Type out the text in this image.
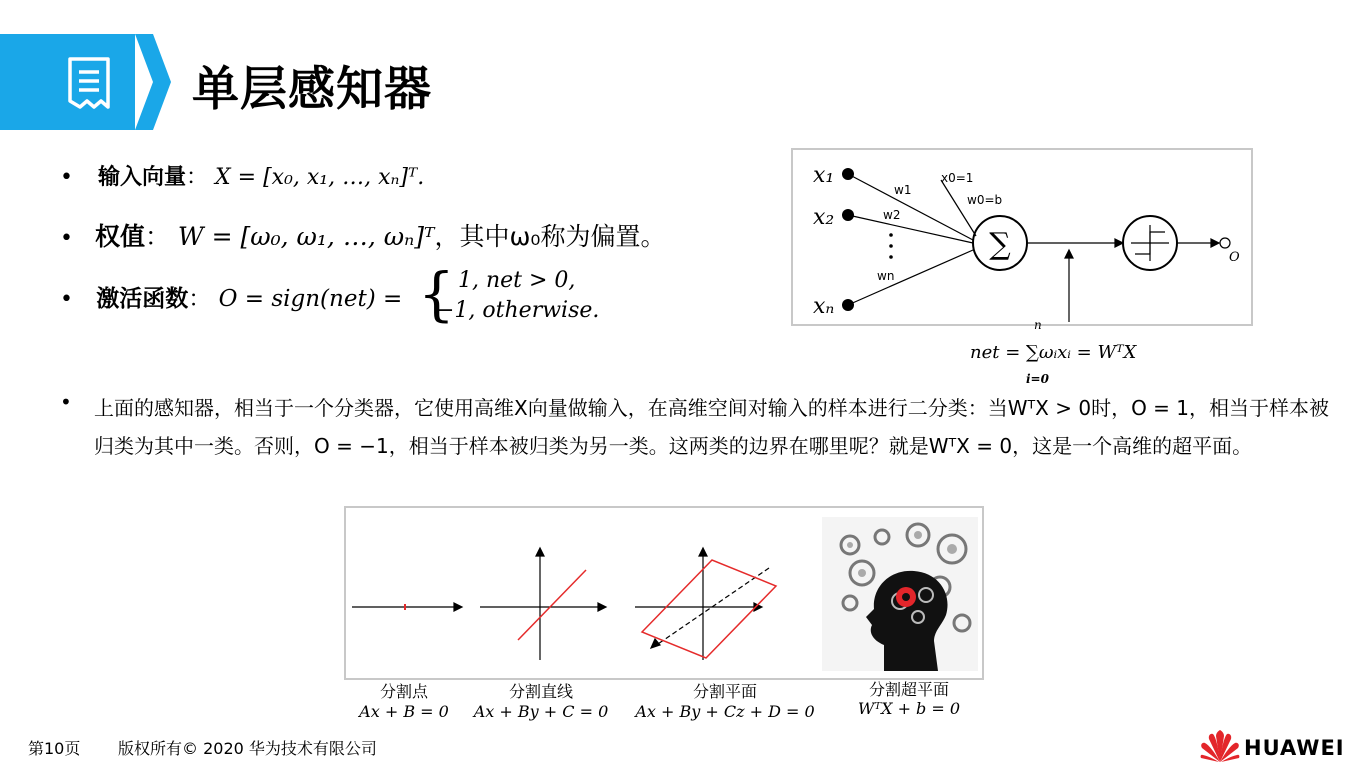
单层感知器
• 输入向量： X = [x₀, x₁, …, xₙ]ᵀ.
• 权值： W = [ω₀, ω₁, …, ωₙ]ᵀ，其中ω₀称为偏置。
• 激活函数： O = sign(net) = { 1, net > 0,
−1, otherwise.
x₁
x₂
xₙ
w1
w2
wn
x0=1
w0=b
∑	O
n
net = ∑ωᵢxᵢ = WᵀX
i=0
• 上面的感知器，相当于一个分类器，它使用高维X向量做输入，在高维空间对输入的样本进行二分类：当WᵀX > 0时，O = 1，相当于样本被归类为其中一类。否则，O = −1，相当于样本被归类为另一类。这两类的边界在哪里呢？就是WᵀX = 0，这是一个高维的超平面。
分割点
Ax + B = 0
分割直线
Ax + By + C = 0
分割平面
Ax + By + Cz + D = 0
分割超平面
WᵀX + b = 0
第10页 版权所有© 2020 华为技术有限公司	HUAWEI
